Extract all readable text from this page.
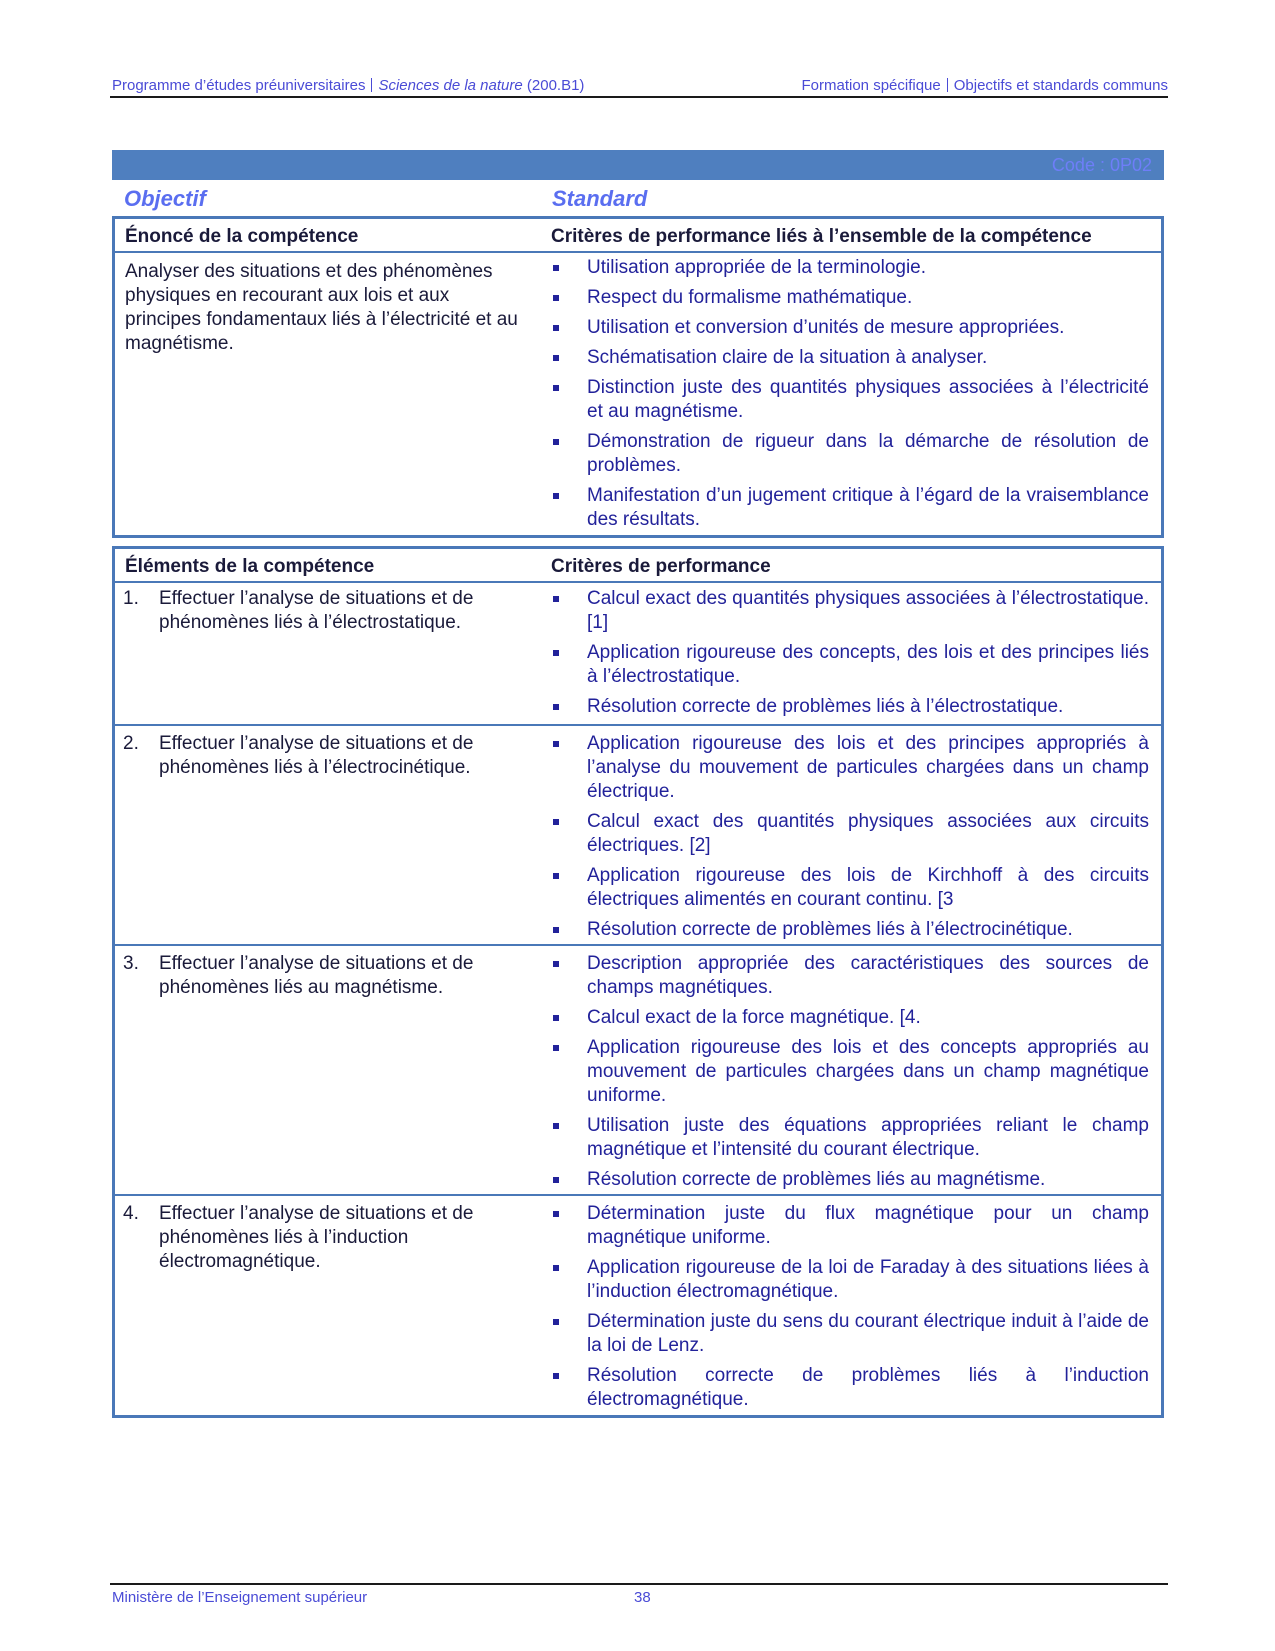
Programme d’études préuniversitaires Sciences de la nature (200.B1)	Formation spécifique Objectifs et standards communs
Code : 0P02
Objectif	Standard
Énoncé de la compétence	Critères de performance liés à l’ensemble de la compétence
Analyser des situations et des phénomènes physiques en recourant aux lois et aux principes fondamentaux liés à l’électricité et au magnétisme.
Utilisation appropriée de la terminologie.
Respect du formalisme mathématique.
Utilisation et conversion d’unités de mesure appropriées.
Schématisation claire de la situation à analyser.
Distinction juste des quantités physiques associées à l’électricité et au magnétisme.
Démonstration de rigueur dans la démarche de résolution de problèmes.
Manifestation d’un jugement critique à l’égard de la vraisemblance des résultats.
Éléments de la compétence	Critères de performance
1. Effectuer l’analyse de situations et de phénomènes liés à l’électrostatique.
Calcul exact des quantités physiques associées à l’électrostatique. [1]
Application rigoureuse des concepts, des lois et des principes liés à l’électrostatique.
Résolution correcte de problèmes liés à l’électrostatique.
2. Effectuer l’analyse de situations et de phénomènes liés à l’électrocinétique.
Application rigoureuse des lois et des principes appropriés à l’analyse du mouvement de particules chargées dans un champ électrique.
Calcul exact des quantités physiques associées aux circuits électriques. [2]
Application rigoureuse des lois de Kirchhoff à des circuits électriques alimentés en courant continu. [3
Résolution correcte de problèmes liés à l’électrocinétique.
3. Effectuer l’analyse de situations et de phénomènes liés au magnétisme.
Description appropriée des caractéristiques des sources de champs magnétiques.
Calcul exact de la force magnétique. [4.
Application rigoureuse des lois et des concepts appropriés au mouvement de particules chargées dans un champ magnétique uniforme.
Utilisation juste des équations appropriées reliant le champ magnétique et l’intensité du courant électrique.
Résolution correcte de problèmes liés au magnétisme.
4. Effectuer l’analyse de situations et de phénomènes liés à l’induction électromagnétique.
Détermination juste du flux magnétique pour un champ magnétique uniforme.
Application rigoureuse de la loi de Faraday à des situations liées à l’induction électromagnétique.
Détermination juste du sens du courant électrique induit à l’aide de la loi de Lenz.
Résolution correcte de problèmes liés à l’induction électromagnétique.
Ministère de l’Enseignement supérieur	38
